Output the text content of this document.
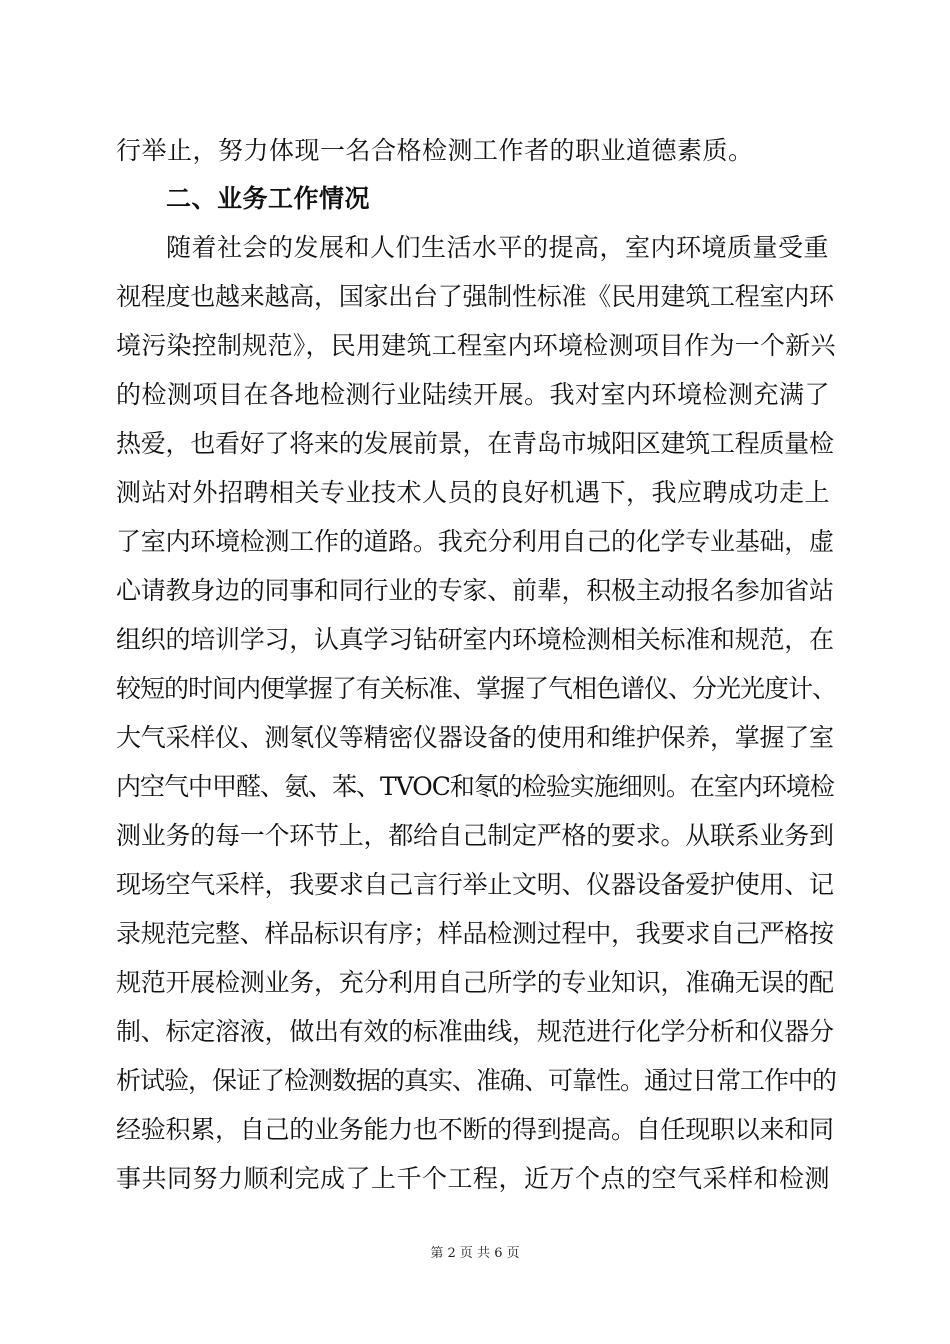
行举止，努力体现一名合格检测工作者的职业道德素质。
二、业务工作情况
随着社会的发展和人们生活水平的提高，室内环境质量受重
视程度也越来越高，国家出台了强制性标准《民用建筑工程室内环
境污染控制规范》，民用建筑工程室内环境检测项目作为一个新兴
的检测项目在各地检测行业陆续开展。我对室内环境检测充满了
热爱，也看好了将来的发展前景，在青岛市城阳区建筑工程质量检
测站对外招聘相关专业技术人员的良好机遇下，我应聘成功走上
了室内环境检测工作的道路。我充分利用自己的化学专业基础，虚
心请教身边的同事和同行业的专家、前辈，积极主动报名参加省站
组织的培训学习，认真学习钻研室内环境检测相关标准和规范，在
较短的时间内便掌握了有关标准、掌握了气相色谱仪、分光光度计、
大气采样仪、测氡仪等精密仪器设备的使用和维护保养，掌握了室
内空气中甲醛、氨、苯、TVOC和氡的检验实施细则。在室内环境检
测业务的每一个环节上，都给自己制定严格的要求。从联系业务到
现场空气采样，我要求自己言行举止文明、仪器设备爱护使用、记
录规范完整、样品标识有序；样品检测过程中，我要求自己严格按
规范开展检测业务，充分利用自己所学的专业知识，准确无误的配
制、标定溶液，做出有效的标准曲线，规范进行化学分析和仪器分
析试验，保证了检测数据的真实、准确、可靠性。通过日常工作中的
经验积累，自己的业务能力也不断的得到提高。自任现职以来和同
事共同努力顺利完成了上千个工程，近万个点的空气采样和检测
第 2 页 共 6 页
